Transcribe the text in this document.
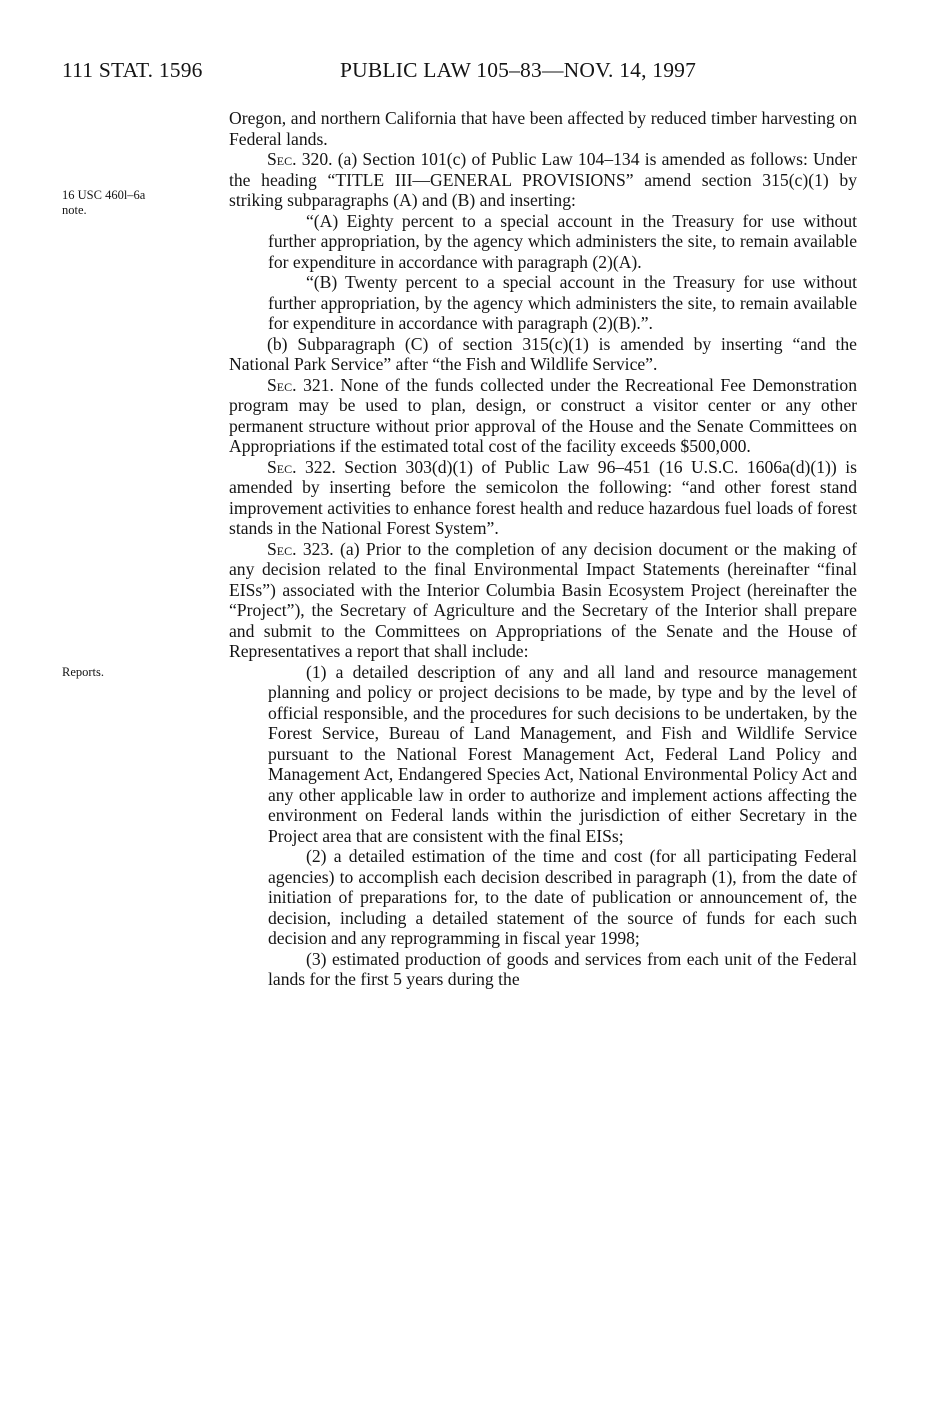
111 STAT. 1596	PUBLIC LAW 105–83—NOV. 14, 1997
16 USC 460l–6a
note.
Reports.

Oregon, and northern California that have been affected by reduced timber harvesting on Federal lands.

Sec. 320. (a) Section 101(c) of Public Law 104–134 is amended as follows: Under the heading “TITLE III—GENERAL PROVISIONS” amend section 315(c)(1) by striking subparagraphs (A) and (B) and inserting:

“(A) Eighty percent to a special account in the Treasury for use without further appropriation, by the agency which administers the site, to remain available for expenditure in accordance with paragraph (2)(A).

“(B) Twenty percent to a special account in the Treasury for use without further appropriation, by the agency which administers the site, to remain available for expenditure in accordance with paragraph (2)(B).”.

(b) Subparagraph (C) of section 315(c)(1) is amended by inserting “and the National Park Service” after “the Fish and Wildlife Service”.

Sec. 321. None of the funds collected under the Recreational Fee Demonstration program may be used to plan, design, or construct a visitor center or any other permanent structure without prior approval of the House and the Senate Committees on Appropriations if the estimated total cost of the facility exceeds $500,000.

Sec. 322. Section 303(d)(1) of Public Law 96–451 (16 U.S.C. 1606a(d)(1)) is amended by inserting before the semicolon the following: “and other forest stand improvement activities to enhance forest health and reduce hazardous fuel loads of forest stands in the National Forest System”.

Sec. 323. (a) Prior to the completion of any decision document or the making of any decision related to the final Environmental Impact Statements (hereinafter “final EISs”) associated with the Interior Columbia Basin Ecosystem Project (hereinafter the “Project”), the Secretary of Agriculture and the Secretary of the Interior shall prepare and submit to the Committees on Appropriations of the Senate and the House of Representatives a report that shall include:

(1) a detailed description of any and all land and resource management planning and policy or project decisions to be made, by type and by the level of official responsible, and the procedures for such decisions to be undertaken, by the Forest Service, Bureau of Land Management, and Fish and Wildlife Service pursuant to the National Forest Management Act, Federal Land Policy and Management Act, Endangered Species Act, National Environmental Policy Act and any other applicable law in order to authorize and implement actions affecting the environment on Federal lands within the jurisdiction of either Secretary in the Project area that are consistent with the final EISs;

(2) a detailed estimation of the time and cost (for all participating Federal agencies) to accomplish each decision described in paragraph (1), from the date of initiation of preparations for, to the date of publication or announcement of, the decision, including a detailed statement of the source of funds for each such decision and any reprogramming in fiscal year 1998;

(3) estimated production of goods and services from each unit of the Federal lands for the first 5 years during the
